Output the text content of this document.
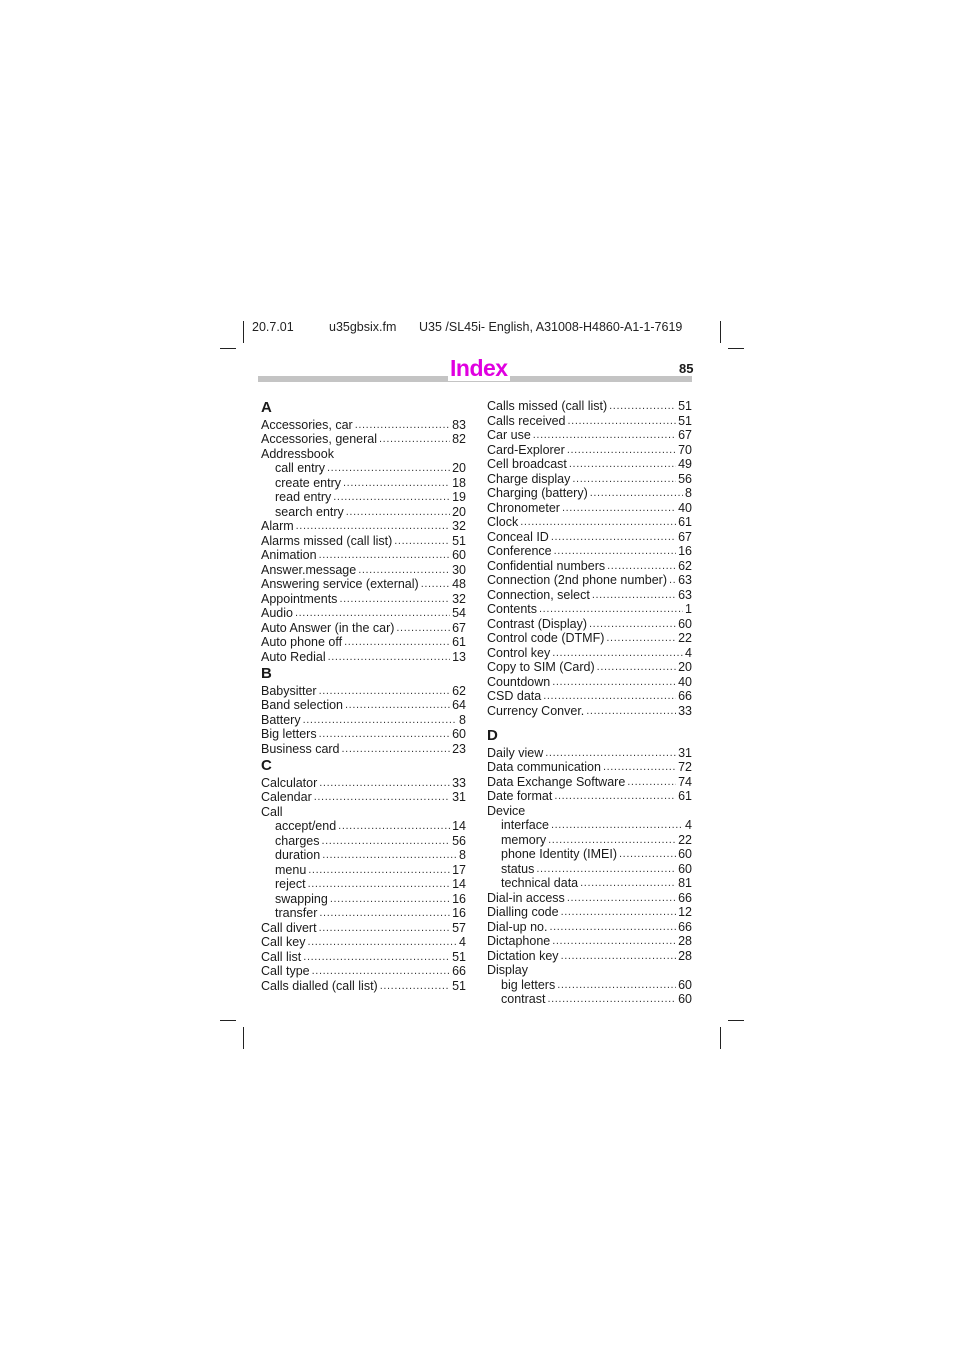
20.7.01	u35gbsix.fm U35 /SL45i- English, A31008-H4860-A1-1-7619
Index	85
A
Accessories, car .....	83
Accessories, general .....	82
Addressbook
call entry .....	20
create entry .....	18
read entry .....	19
search entry .....	20
Alarm .....	32
Alarms missed (call list) .....	51
Animation .....	60
Answer.message .....	30
Answering service (external) .....	48
Appointments .....	32
Audio .....	54
Auto Answer (in the car) .....	67
Auto phone off .....	61
Auto Redial .....	13
B
Babysitter .....	62
Band selection .....	64
Battery .....	8
Big letters .....	60
Business card .....	23
C
Calculator .....	33
Calendar .....	31
Call
accept/end .....	14
charges .....	56
duration .....	8
menu .....	17
reject .....	14
swapping .....	16
transfer .....	16
Call divert .....	57
Call key .....	4
Call list .....	51
Call type .....	66
Calls dialled (call list) .....	51
Calls missed (call list) .....	51
Calls received .....	51
Car use .....	67
Card-Explorer .....	70
Cell broadcast .....	49
Charge display .....	56
Charging (battery) .....	8
Chronometer .....	40
Clock .....	61
Conceal ID .....	67
Conference .....	16
Confidential numbers .....	62
Connection (2nd phone number) ..... 63
Connection, select .....	63
Contents .....	1
Contrast (Display) .....	60
Control code (DTMF) .....	22
Control key .....	4
Copy to SIM (Card) .....	20
Countdown .....	40
CSD data .....	66
Currency Conver. .....	33
D
Daily view .....	31
Data communication .....	72
Data Exchange Software .....	74
Date format .....	61
Device
interface .....	4
memory .....	22
phone Identity (IMEI) .....	60
status .....	60
technical data .....	81
Dial-in access .....	66
Dialling code .....	12
Dial-up no. .....	66
Dictaphone .....	28
Dictation key .....	28
Display
big letters .....	60
contrast .....	60
